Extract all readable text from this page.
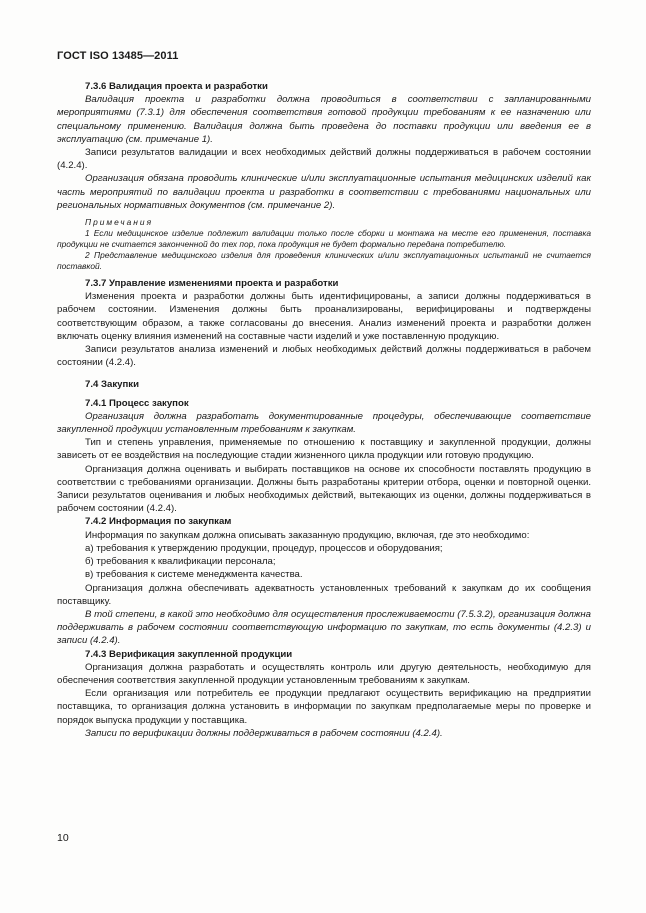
ГОСТ ISO 13485—2011

7.3.6 Валидация проекта и разработки

Валидация проекта и разработки должна проводиться в соответствии с запланированными мероприятиями (7.3.1) для обеспечения соответствия готовой продукции требованиям к ее назначению или специальному применению. Валидация должна быть проведена до поставки продукции или введения ее в эксплуатацию (см. примечание 1).

Записи результатов валидации и всех необходимых действий должны поддерживаться в рабочем состоянии (4.2.4).

Организация обязана проводить клинические и/или эксплуатационные испытания медицинских изделий как часть мероприятий по валидации проекта и разработки в соответствии с требованиями национальных или региональных нормативных документов (см. примечание 2).

Примечания

1 Если медицинское изделие подлежит валидации только после сборки и монтажа на месте его применения, поставка продукции не считается законченной до тех пор, пока продукция не будет формально передана потребителю.

2 Представление медицинского изделия для проведения клинических и/или эксплуатационных испытаний не считается поставкой.

7.3.7 Управление изменениями проекта и разработки

Изменения проекта и разработки должны быть идентифицированы, а записи должны поддерживаться в рабочем состоянии. Изменения должны быть проанализированы, верифицированы и подтверждены соответствующим образом, а также согласованы до внесения. Анализ изменений проекта и разработки должен включать оценку влияния изменений на составные части изделий и уже поставленную продукцию.

Записи результатов анализа изменений и любых необходимых действий должны поддерживаться в рабочем состоянии (4.2.4).

7.4 Закупки

7.4.1 Процесс закупок

Организация должна разработать документированные процедуры, обеспечивающие соответствие закупленной продукции установленным требованиям к закупкам.

Тип и степень управления, применяемые по отношению к поставщику и закупленной продукции, должны зависеть от ее воздействия на последующие стадии жизненного цикла продукции или готовую продукцию.

Организация должна оценивать и выбирать поставщиков на основе их способности поставлять продукцию в соответствии с требованиями организации. Должны быть разработаны критерии отбора, оценки и повторной оценки. Записи результатов оценивания и любых необходимых действий, вытекающих из оценки, должны поддерживаться в рабочем состоянии (4.2.4).

7.4.2 Информация по закупкам

Информация по закупкам должна описывать заказанную продукцию, включая, где это необходимо:

а) требования к утверждению продукции, процедур, процессов и оборудования;

б) требования к квалификации персонала;

в) требования к системе менеджмента качества.

Организация должна обеспечивать адекватность установленных требований к закупкам до их сообщения поставщику.

В той степени, в какой это необходимо для осуществления прослеживаемости (7.5.3.2), организация должна поддерживать в рабочем состоянии соответствующую информацию по закупкам, то есть документы (4.2.3) и записи (4.2.4).

7.4.3 Верификация закупленной продукции

Организация должна разработать и осуществлять контроль или другую деятельность, необходимую для обеспечения соответствия закупленной продукции установленным требованиям к закупкам.

Если организация или потребитель ее продукции предлагают осуществить верификацию на предприятии поставщика, то организация должна установить в информации по закупкам предполагаемые меры по проверке и порядок выпуска продукции у поставщика.

Записи по верификации должны поддерживаться в рабочем состоянии (4.2.4).

10
